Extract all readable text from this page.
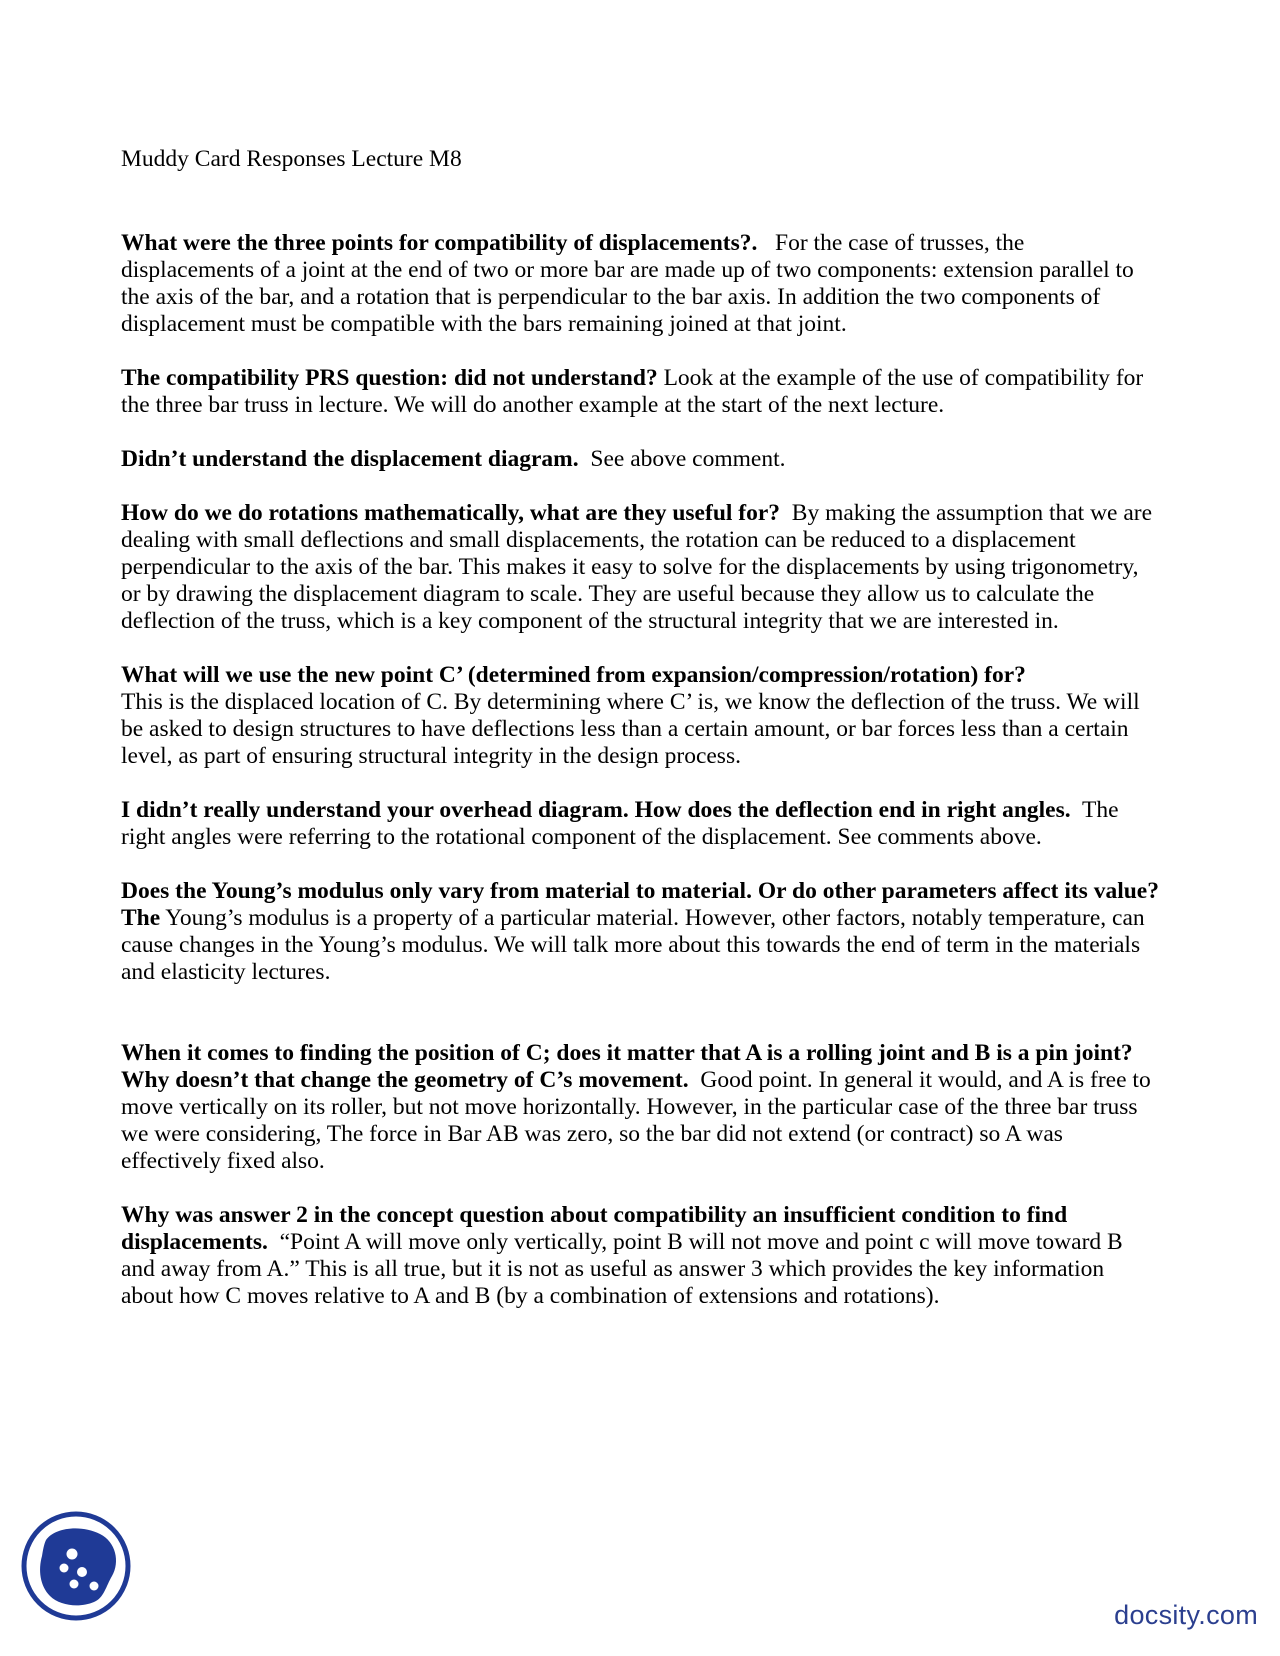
Muddy Card Responses Lecture M8

What were the three points for compatibility of displacements?. For the case of trusses, the displacements of a joint at the end of two or more bar are made up of two components: extension parallel to the axis of the bar, and a rotation that is perpendicular to the bar axis. In addition the two components of displacement must be compatible with the bars remaining joined at that joint.

The compatibility PRS question: did not understand? Look at the example of the use of compatibility for the three bar truss in lecture. We will do another example at the start of the next lecture.

Didn’t understand the displacement diagram. See above comment.

How do we do rotations mathematically, what are they useful for? By making the assumption that we are dealing with small deflections and small displacements, the rotation can be reduced to a displacement perpendicular to the axis of the bar. This makes it easy to solve for the displacements by using trigonometry, or by drawing the displacement diagram to scale. They are useful because they allow us to calculate the deflection of the truss, which is a key component of the structural integrity that we are interested in.

What will we use the new point C’ (determined from expansion/compression/rotation) for?
This is the displaced location of C. By determining where C’ is, we know the deflection of the truss. We will be asked to design structures to have deflections less than a certain amount, or bar forces less than a certain level, as part of ensuring structural integrity in the design process.

I didn’t really understand your overhead diagram. How does the deflection end in right angles. The right angles were referring to the rotational component of the displacement. See comments above.

Does the Young’s modulus only vary from material to material. Or do other parameters affect its value? The Young’s modulus is a property of a particular material. However, other factors, notably temperature, can cause changes in the Young’s modulus. We will talk more about this towards the end of term in the materials and elasticity lectures.

When it comes to finding the position of C; does it matter that A is a rolling joint and B is a pin joint? Why doesn’t that change the geometry of C’s movement. Good point. In general it would, and A is free to move vertically on its roller, but not move horizontally. However, in the particular case of the three bar truss we were considering, The force in Bar AB was zero, so the bar did not extend (or contract) so A was effectively fixed also.

Why was answer 2 in the concept question about compatibility an insufficient condition to find displacements. “Point A will move only vertically, point B will not move and point c will move toward B and away from A.” This is all true, but it is not as useful as answer 3 which provides the key information about how C moves relative to A and B (by a combination of extensions and rotations).

docsity.com
